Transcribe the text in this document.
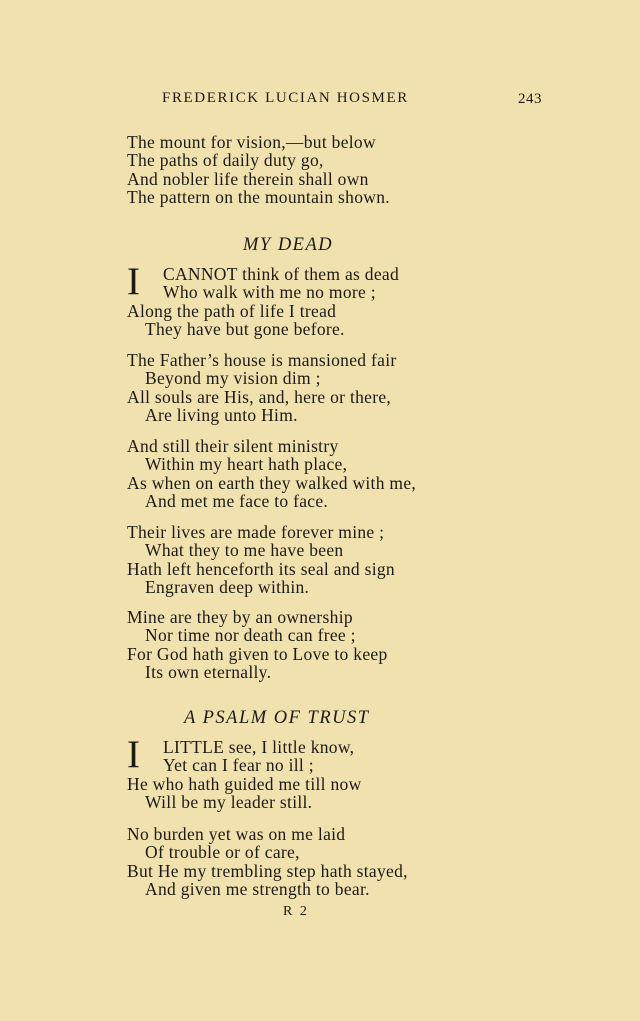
FREDERICK LUCIAN HOSMER	243
The mount for vision,—but below
The paths of daily duty go,
And nobler life therein shall own
The pattern on the mountain shown.
MY DEAD
I	CANNOT think of them as dead
Who walk with me no more ;
Along the path of life I tread
They have but gone before.
The Father’s house is mansioned fair
Beyond my vision dim ;
All souls are His, and, here or there,
Are living unto Him.
And still their silent ministry
Within my heart hath place,
As when on earth they walked with me,
And met me face to face.
Their lives are made forever mine ;
What they to me have been
Hath left henceforth its seal and sign
Engraven deep within.
Mine are they by an ownership
Nor time nor death can free ;
For God hath given to Love to keep
Its own eternally.
A PSALM OF TRUST
I	LITTLE see, I little know,
Yet can I fear no ill ;
He who hath guided me till now
Will be my leader still.
No burden yet was on me laid
Of trouble or of care,
But He my trembling step hath stayed,
And given me strength to bear.
R 2
